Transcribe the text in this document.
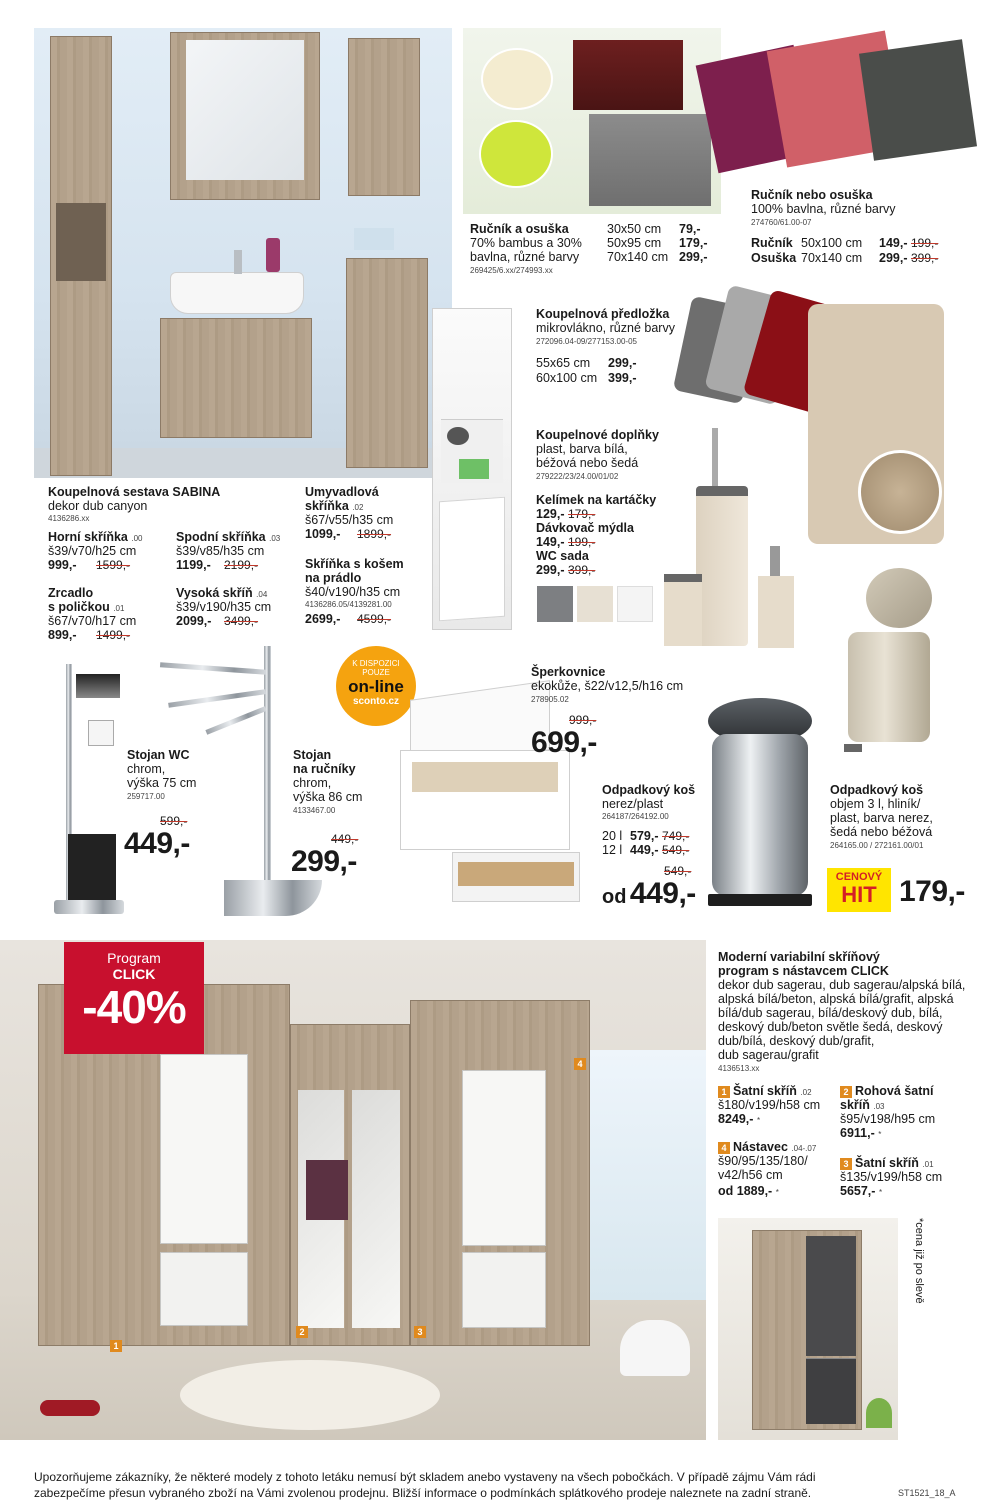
Ručník nebo osuška
100% bavlna, různé barvy
274760/61.00-07
Ručník 50x100 cm 149,- 199,-
Osuška 70x140 cm 299,- 399,-
Ručník a osuška
70% bambus a 30%
bavlna, různé barvy
269425/6.xx/274993.xx
30x50 cm 79,-
50x95 cm 179,-
70x140 cm 299,-
Koupelnová předložka
mikrovlákno, různé barvy
272096.04-09/277153.00-05
55x65 cm 299,-
60x100 cm 399,-
Koupelnové doplňky
plast, barva bílá,
béžová nebo šedá
279222/23/24.00/01/02
Kelímek na kartáčky
129,- 179,-
Dávkovač mýdla
149,- 199,-
WC sada
299,- 399,-
Koupelnová sestava SABINA
dekor dub canyon
4136286.xx
Horní skříňka .00
š39/v70/h25 cm
999,- 1599,-
Spodní skříňka .03
š39/v85/h35 cm
1199,- 2199,-
Zrcadlo
s poličkou .01
š67/v70/h17 cm
899,- 1499,-
Vysoká skříň .04
š39/v190/h35 cm
2099,- 3499,-
Umyvadlová
skříňka .02
š67/v55/h35 cm
1099,- 1899,-
Skříňka s košem
na prádlo
š40/v190/h35 cm
4136286.05/4139281.00
2699,- 4599,-
Stojan WC
chrom,
výška 75 cm
259717.00
599,-
449,-
Stojan
na ručníky
chrom,
výška 86 cm
4133467.00
449,-
299,-
K DISPOZICI
POUZE
on-line
sconto.cz
Šperkovnice
ekokůže, š22/v12,5/h16 cm
278905.02
999,-
699,-
Odpadkový koš
nerez/plast
264187/264192.00
20 l 579,- 749,-
12 l 449,- 549,-
549,-
od 449,-
Odpadkový koš
objem 3 l, hliník/
plast, barva nerez,
šedá nebo béžová
264165.00 / 272161.00/01
CENOVÝ
HIT 179,-
1
2	3
4
Program
CLICK
-40%
Moderní variabilní skříňový
program s nástavcem CLICK
dekor dub sagerau, dub sagerau/alpská bílá,
alpská bílá/beton, alpská bílá/grafit, alpská
bílá/dub sagerau, bílá/deskový dub, bílá,
deskový dub/beton světle šedá, deskový
dub/bílá, deskový dub/grafit,
dub sagerau/grafit
4136513.xx
1 Šatní skříň .02
š180/v199/h58 cm
8249,- *
2 Rohová šatní
skříň .03
š95/v198/h95 cm
6911,- *
4 Nástavec .04-.07
š90/95/135/180/
v42/h56 cm
od 1889,- *
3 Šatní skříň .01
š135/v199/h58 cm
5657,- *
*cena již po slevě
Upozorňujeme zákazníky, že některé modely z tohoto letáku nemusí být skladem anebo vystaveny na všech pobočkách. V případě zájmu Vám rádi
zabezpečíme přesun vybraného zboží na Vámi zvolenou prodejnu. Bližší informace o podmínkách splátkového prodeje naleznete na zadní straně.	ST1521_18_A
